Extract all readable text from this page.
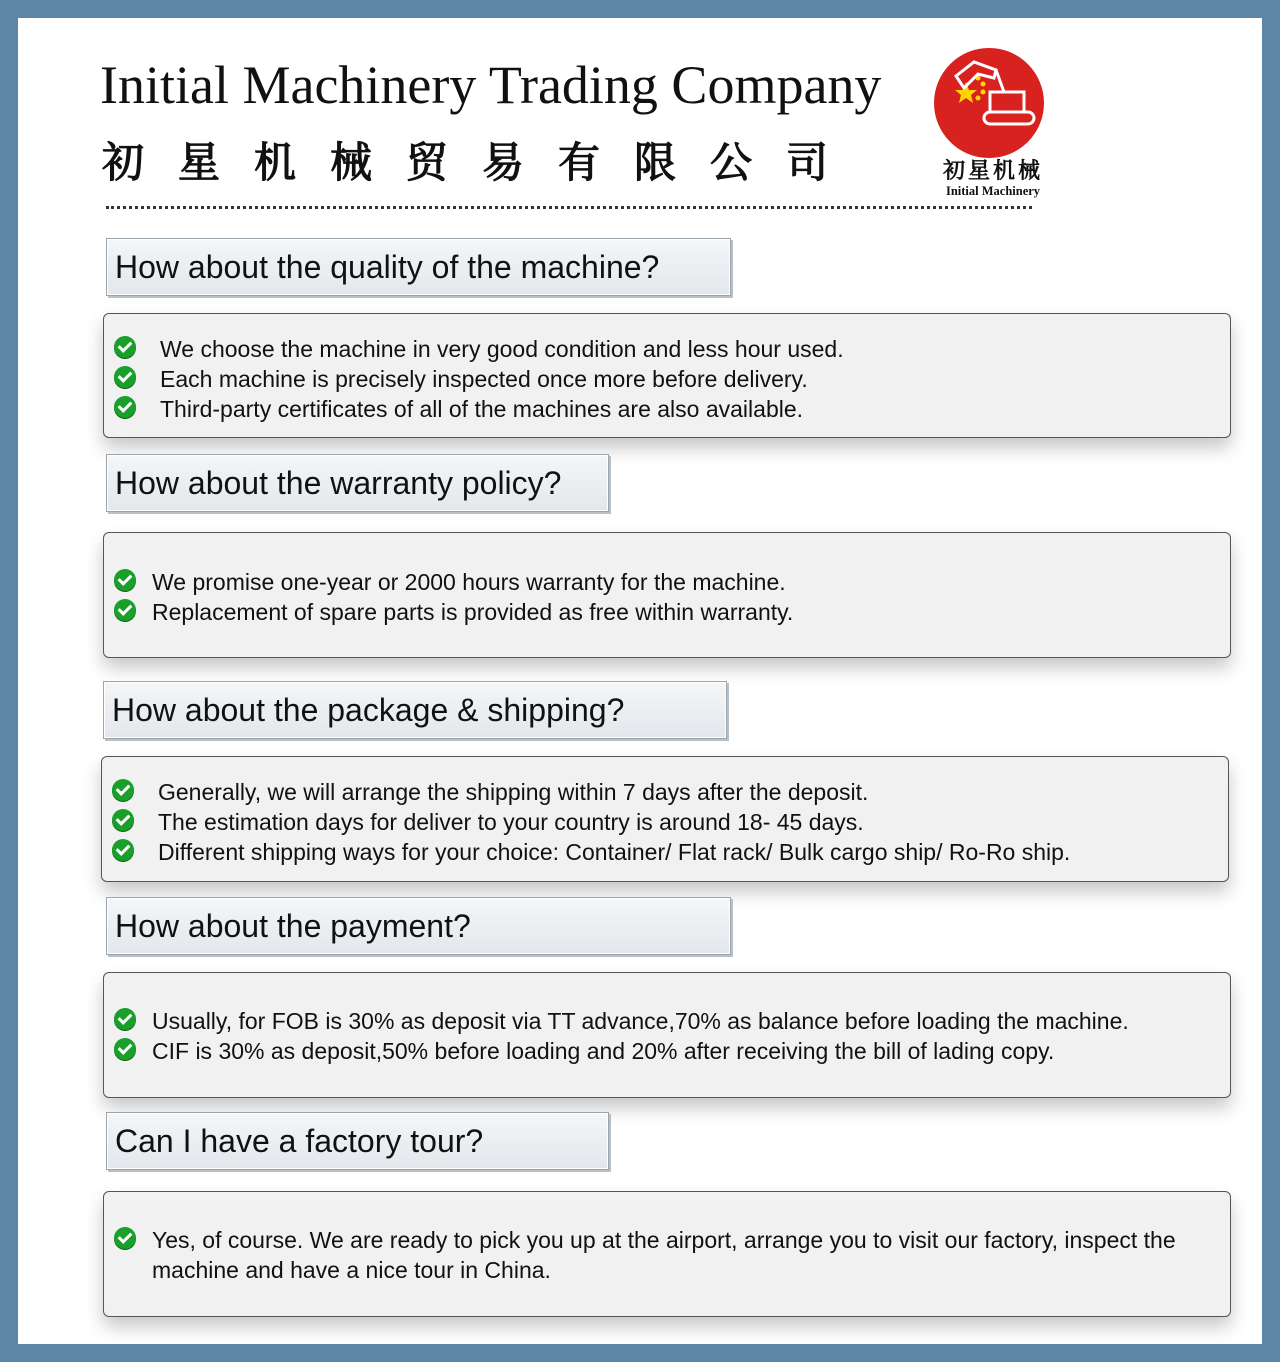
Initial Machinery Trading Company
初星机械贸易有限公司	初星机械
Initial Machinery
How about the quality of the machine?
We choose the machine in very good condition and less hour used.
Each machine is precisely inspected once more before delivery.
Third-party certificates of all of the machines are also available.
How about the warranty policy?
We promise one-year or 2000 hours warranty for the machine.
Replacement of spare parts is provided as free within warranty.
How about the package & shipping?
Generally, we will arrange the shipping within 7 days after the deposit.
The estimation days for deliver to your country is around 18- 45 days.
Different shipping ways for your choice: Container/ Flat rack/ Bulk cargo ship/ Ro-Ro ship.
How about the payment?
Usually, for FOB is 30% as deposit via TT advance,70% as balance before loading the machine.
CIF is 30% as deposit,50% before loading and 20% after receiving the bill of lading copy.
Can I have a factory tour?
Yes, of course. We are ready to pick you up at the airport, arrange you to visit our factory, inspect the machine and have a nice tour in China.
